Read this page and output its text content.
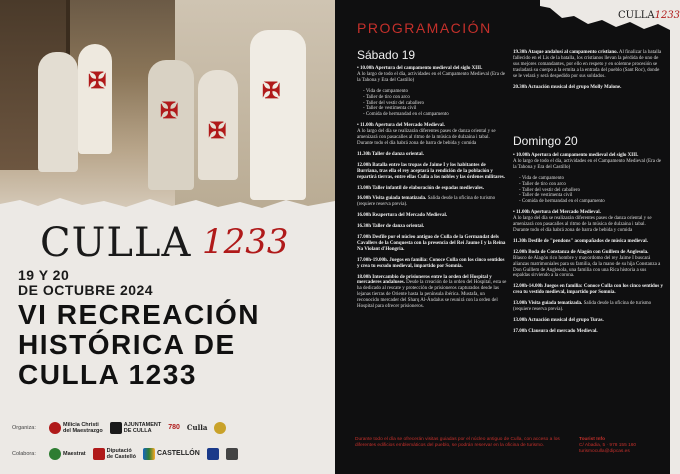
✠
✠
✠
✠
CULLA 1233
19 Y 20
DE OCTUBRE 2024
VI RECREACIÓN
HISTÓRICA DE
CULLA 1233
Organiza:	Milicia Christi
del Maestrazgo
AJUNTAMENT
DE CULLA	780 Culla
Colabora:	Maestrat	Diputació
de Castelló	CASTELLÓN
CULLA1233
PROGRAMACIÓN
Sábado 19
• 10.00h Apertura del campamento medieval del siglo XIII.
A lo largo de todo el día, actividades en el Campamento Medieval (Era de la Tahona y Era del Castillo)
- Vida de campamento
- Taller de tiro con arco
- Taller del vestir del caballero
- Taller de vestimenta civil
- Comida de hermandad en el campamento
• 11.00h Apertura del Mercado Medieval.
A lo largo del día se realizarán diferentes pases de danza oriental y se amenizará con pasacalles al ritmo de la música de dulzaina i tabal. Durante todo el día habrá zona de barra de bebida y comida
11.30h Taller de danza oriental.
12.00h Batalla entre las tropas de Jaime I y los habitantes de Burriana, tras ella el rey aceptará la rendición de la población y repartirá tierras, entre ellas Culla a los nobles y las órdenes militares.
13.00h Taller infantil de elaboración de espadas medievales.
16.00h Visita guiada tematizada. Salida desde la oficina de turismo (requiere reserva previa).
16.00h Reapertura del Mercado Medieval.
16.30h Taller de danza oriental.
17.00h Desfile por el núcleo antiguo de Culla de la Germandat dels Cavallers de la Conquesta con la presencia del Rei Jaume I y la Reina Na Violant d'Hongria.
17.00h-19.00h. Juegos en familia: Conoce Culla con los cinco sentidos y crea tu escudo medieval, impartido por Somnia.
18.00h Intercambio de prisioneros entre la orden del Hospital y mercaderes andaluses. Desde la creación de la orden del Hospital, esta se ha dedicado al rescate y protección de prisioneros capturados desde las lejanas tierras de Oriente hasta la península ibérica. Mustafa, un reconocido mercader del Sharq Al-Ándalus se reunirá con la orden del Hospital para ofrecer prisioneros.
19.30h Ataque andalusí al campamento cristiano. Al finalizar la batalla fallecido en el Lis de la batalla, los cristianos llevan la pérdida de uno de sus mejores comandantes, por ello en respeto y en solemne procesión se trasladará su cuerpo a la ermita a la entrada del pueblo (Sant Roc), donde se le velará y será despedido por sus soldados.
20.30h Actuación musical del grupo Molly Malone.
Domingo 20
• 10.00h Apertura del campamento medieval del siglo XIII.
A lo largo de todo el día, actividades en el Campamento Medieval (Era de la Tahona y Era del Castillo)
- Vida de campamento
- Taller de tiro con arco
- Taller del vestir del caballero
- Taller de vestimenta civil
- Comida de hermandad en el campamento
• 11.00h Apertura del Mercado Medieval.
A lo largo del día se realizarán diferentes pases de danza oriental y se amenizará con pasacalles al ritmo de la música de dulzaina i tabal. Durante todo el día habrá zona de barra de bebida y comida
11.30h Desfile de "pendons" acompañados de música medieval.
12.00h Boda de Constanza de Alagón con Guillem de Anglesola. Blasco de Alagón rico hombre y mayordomo del rey Jaime I buscará alianzas matrimoniales para su familia, da la mano de su hija Constanza a Don Guillem de Anglesola, una familia con una Rica historia a sus espaldas sirviendo a la corona.
12.00h-14.00h Juegos en familia: Conoce Culla con los cinco sentidos y crea tu vestido medieval, impartido por Somnia.
13.00h Visita guiada tematizada. Salida desde la oficina de turismo (requiere reserva previa).
13.00h Actuación musical del grupo Turas.
17.00h Clausura del mercado Medieval.
Durante todo el día se ofrecerán visitas guiadas por el núcleo antiguo de Culla, con acceso a los diferentes edificios emblemáticos del pueblo, se podrán reservar en la oficina de turismo.
Tourist Info
C/ Abadia, 5 · 978 155 160
turismoculla@dipcas.es
